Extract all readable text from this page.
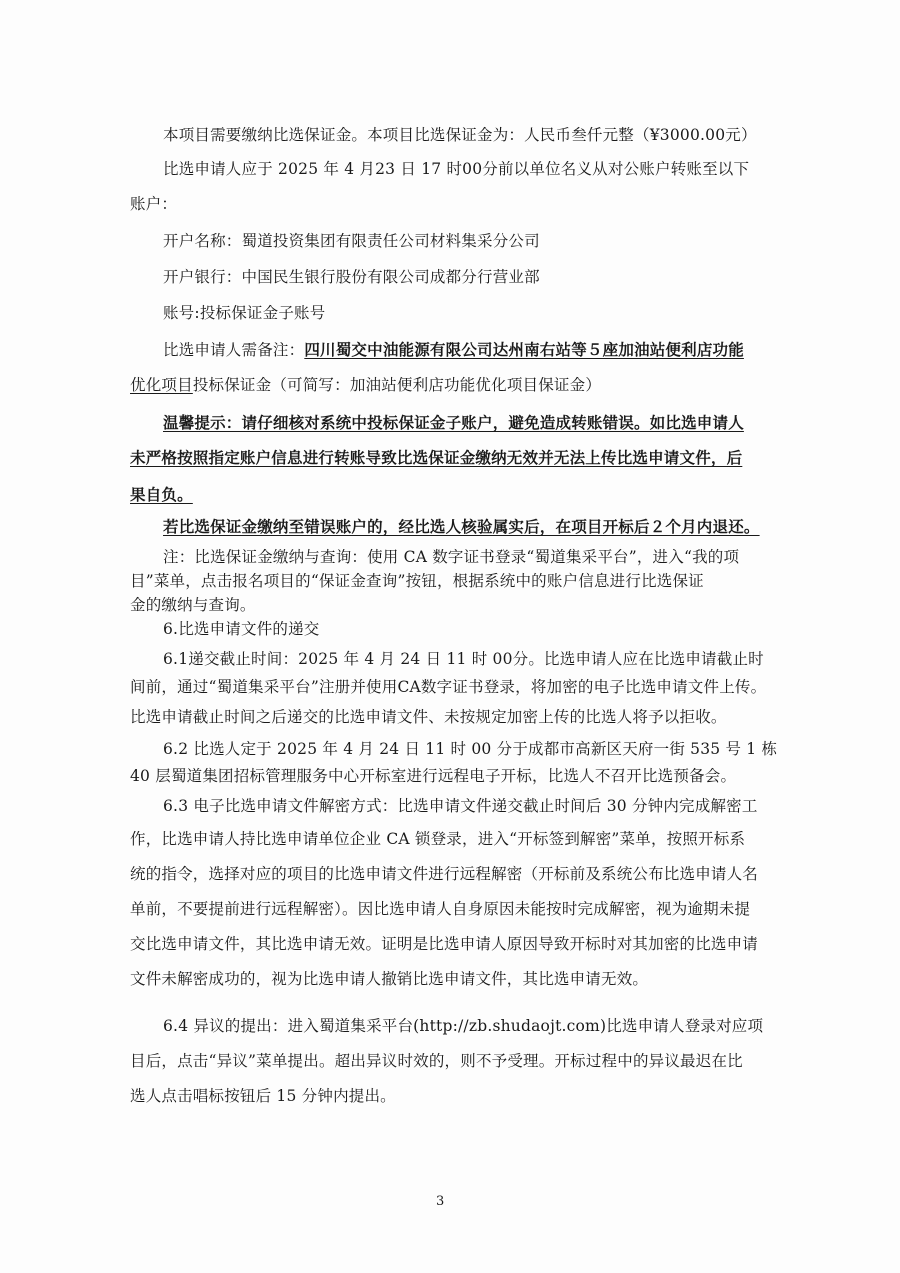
本项目需要缴纳比选保证金。本项目比选保证金为：人民币叁仟元整（¥3000.00元）
比选申请人应于 2025 年 4 月23 日 17 时00分前以单位名义从对公账户转账至以下
账户：
开户名称：蜀道投资集团有限责任公司材料集采分公司
开户银行：中国民生银行股份有限公司成都分行营业部
账号:投标保证金子账号
比选申请人需备注：四川蜀交中油能源有限公司达州南右站等５座加油站便利店功能
优化项目投标保证金（可简写：加油站便利店功能优化项目保证金）
温馨提示：请仔细核对系统中投标保证金子账户，避免造成转账错误。如比选申请人
未严格按照指定账户信息进行转账导致比选保证金缴纳无效并无法上传比选申请文件，后
果自负。
若比选保证金缴纳至错误账户的，经比选人核验属实后，在项目开标后２个月内退还。
注：比选保证金缴纳与查询：使用 CA 数字证书登录“蜀道集采平台”，进入“我的项
目”菜单，点击报名项目的“保证金查询”按钮，根据系统中的账户信息进行比选保证
金的缴纳与查询。
6.比选申请文件的递交
6.1递交截止时间：2025 年 4 月 24 日 11 时 00分。比选申请人应在比选申请截止时
间前，通过“蜀道集采平台”注册并使用CA数字证书登录，将加密的电子比选申请文件上传。
比选申请截止时间之后递交的比选申请文件、未按规定加密上传的比选人将予以拒收。
6.2 比选人定于 2025 年 4 月 24 日 11 时 00 分于成都市高新区天府一街 535 号 1 栋
40 层蜀道集团招标管理服务中心开标室进行远程电子开标，比选人不召开比选预备会。
6.3 电子比选申请文件解密方式：比选申请文件递交截止时间后 30 分钟内完成解密工
作，比选申请人持比选申请单位企业 CA 锁登录，进入“开标签到解密”菜单，按照开标系
统的指令，选择对应的项目的比选申请文件进行远程解密（开标前及系统公布比选申请人名
单前，不要提前进行远程解密）。因比选申请人自身原因未能按时完成解密，视为逾期未提
交比选申请文件，其比选申请无效。证明是比选申请人原因导致开标时对其加密的比选申请
文件未解密成功的，视为比选申请人撤销比选申请文件，其比选申请无效。
6.4 异议的提出：进入蜀道集采平台(http://zb.shudaojt.com)比选申请人登录对应项
目后，点击“异议”菜单提出。超出异议时效的，则不予受理。开标过程中的异议最迟在比
选人点击唱标按钮后 15 分钟内提出。
3
